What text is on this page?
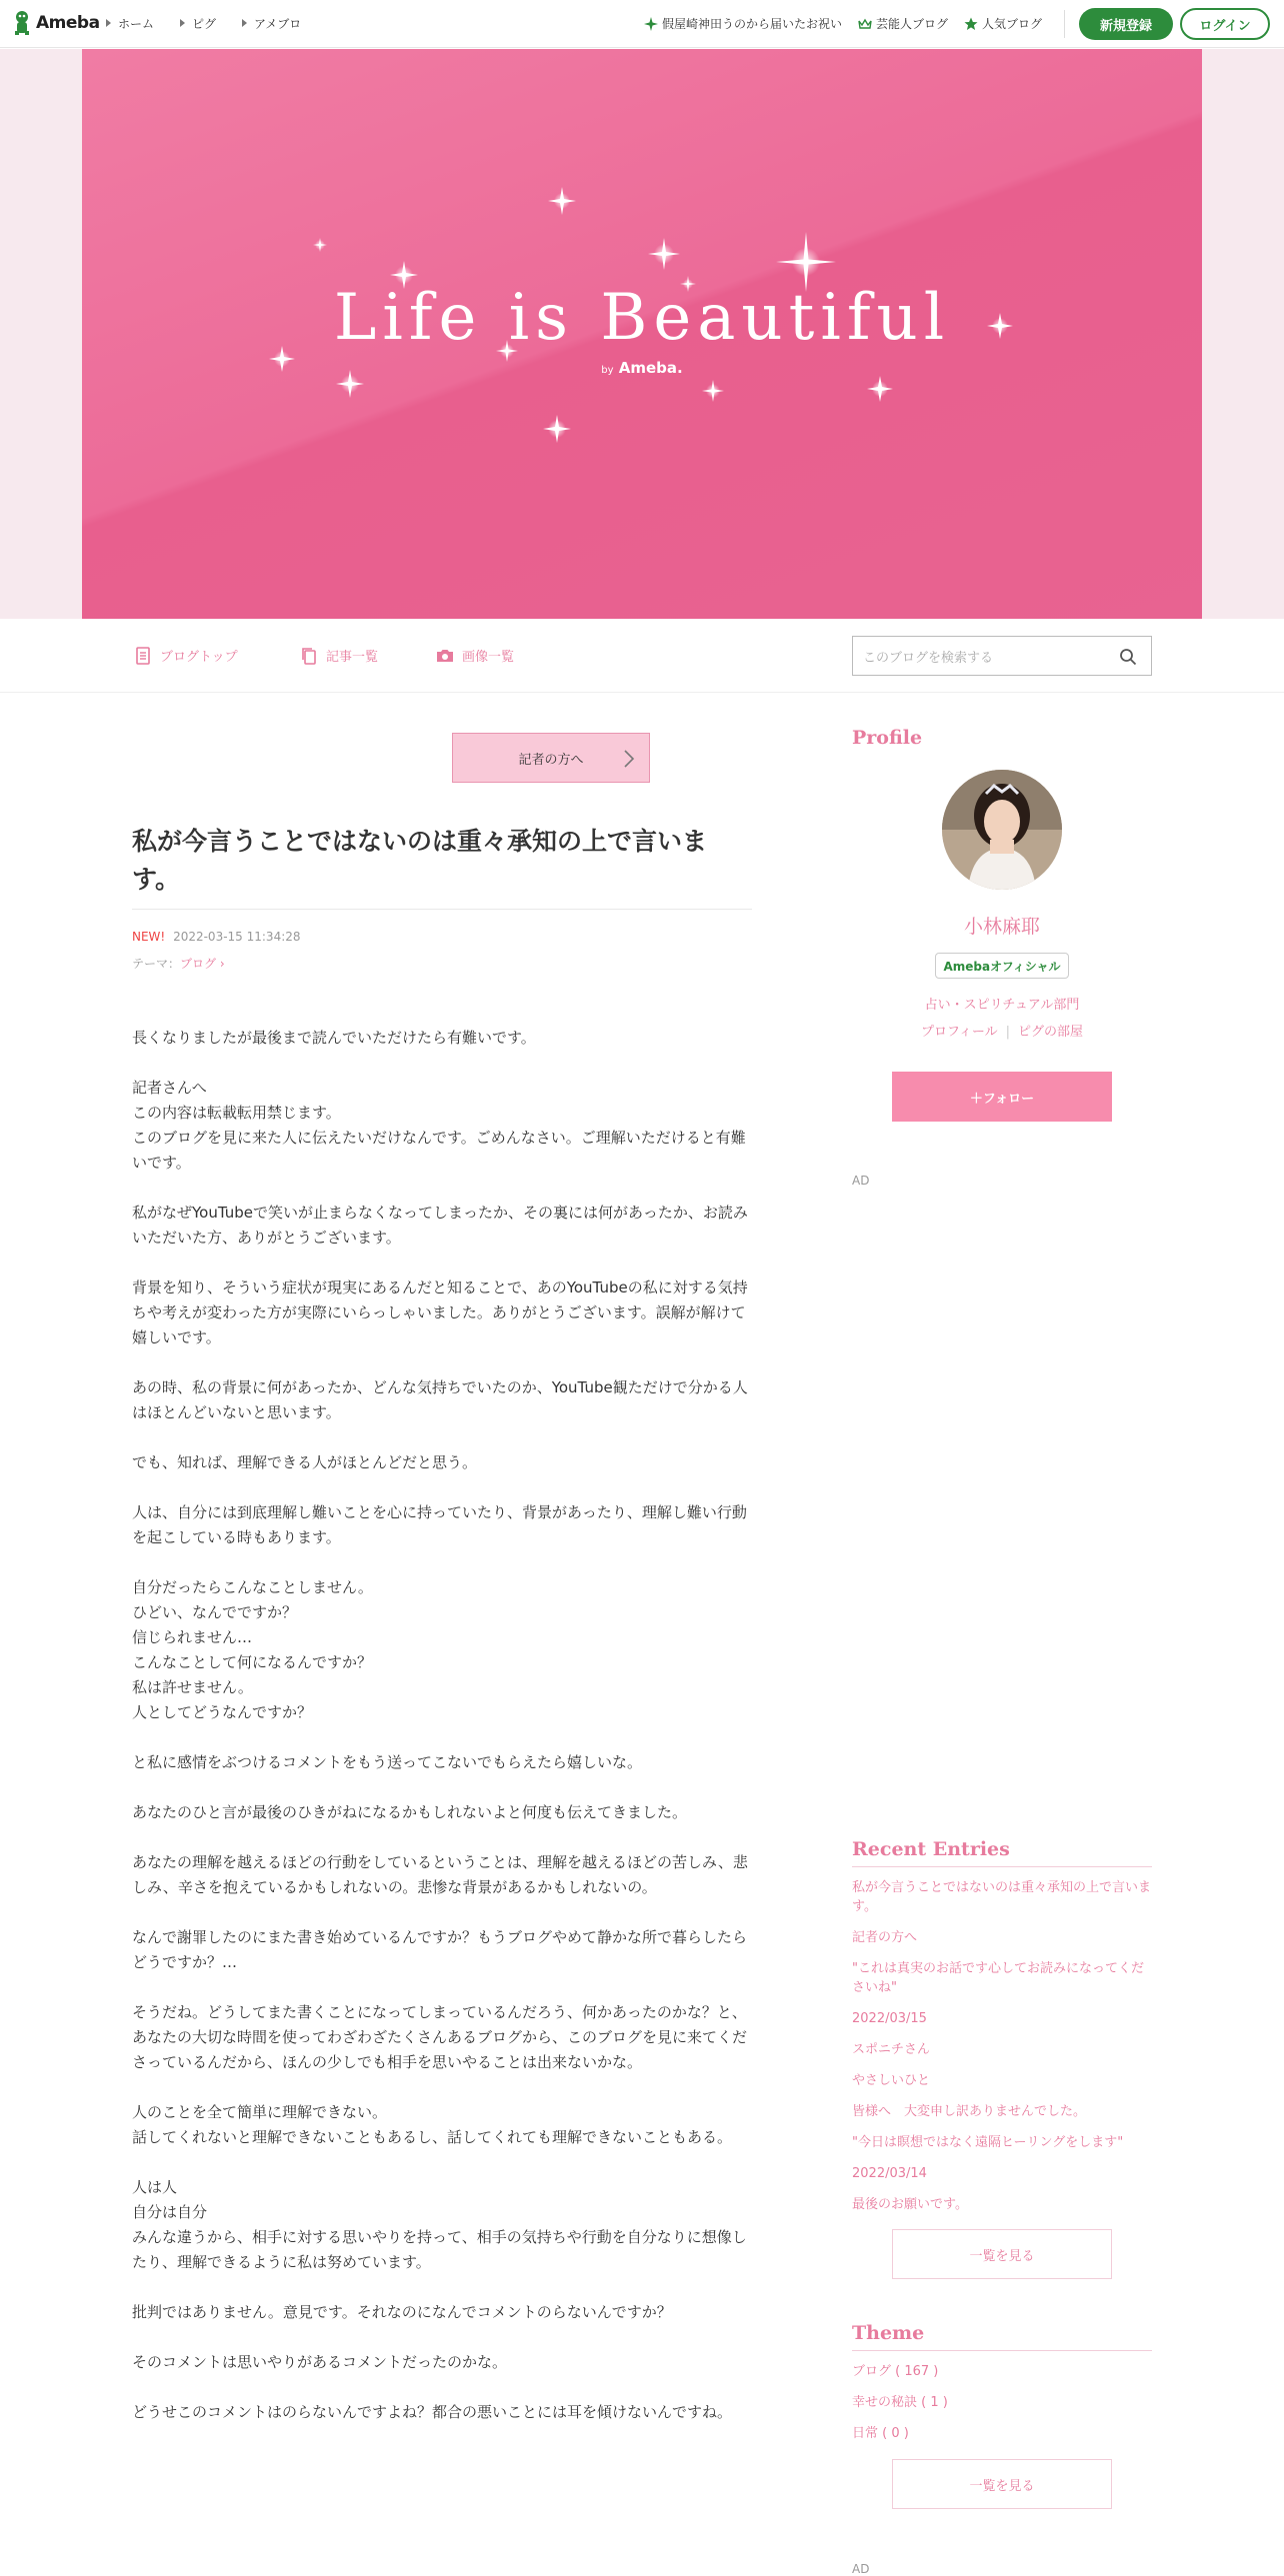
Ameba	ホーム	ピグ	アメブロ	假屋崎神田うのから届いたお祝い	芸能人ブログ	人気ブログ	新規登録	ログイン
Life is Beautiful
by Ameba.
ブログトップ	記事一覧	画像一覧	このブログを検索する
記者の方へ
私が今言うことではないのは重々承知の上で言います。
NEW! 2022-03-15 11:34:28
テーマ：ブログ ›

長くなりましたが最後まで読んでいただけたら有難いです。

記者さんへ
この内容は転載転用禁じます。
このブログを見に来た人に伝えたいだけなんです。ごめんなさい。ご理解いただけると有難いです。

私がなぜYouTubeで笑いが止まらなくなってしまったか、その裏には何があったか、お読みいただいた方、ありがとうございます。

背景を知り、そういう症状が現実にあるんだと知ることで、あのYouTubeの私に対する気持ちや考えが変わった方が実際にいらっしゃいました。ありがとうございます。誤解が解けて嬉しいです。

あの時、私の背景に何があったか、どんな気持ちでいたのか、YouTube観ただけで分かる人はほとんどいないと思います。

でも、知れば、理解できる人がほとんどだと思う。

人は、自分には到底理解し難いことを心に持っていたり、背景があったり、理解し難い行動を起こしている時もあります。

自分だったらこんなことしません。
ひどい、なんでですか？
信じられません…
こんなことして何になるんですか？
私は許せません。
人としてどうなんですか？

と私に感情をぶつけるコメントをもう送ってこないでもらえたら嬉しいな。

あなたのひと言が最後のひきがねになるかもしれないよと何度も伝えてきました。

あなたの理解を越えるほどの行動をしているということは、理解を越えるほどの苦しみ、悲しみ、辛さを抱えているかもしれないの。悲惨な背景があるかもしれないの。

なんで謝罪したのにまた書き始めているんですか？もうブログやめて静かな所で暮らしたらどうですか？…

そうだね。どうしてまた書くことになってしまっているんだろう、何かあったのかな？と、あなたの大切な時間を使ってわざわざたくさんあるブログから、このブログを見に来てくださっているんだから、ほんの少しでも相手を思いやることは出来ないかな。

人のことを全て簡単に理解できない。
話してくれないと理解できないこともあるし、話してくれても理解できないこともある。

人は人
自分は自分
みんな違うから、相手に対する思いやりを持って、相手の気持ちや行動を自分なりに想像したり、理解できるように私は努めています。

批判ではありません。意見です。それなのになんでコメントのらないんですか？

そのコメントは思いやりがあるコメントだったのかな。

どうせこのコメントはのらないんですよね？都合の悪いことには耳を傾けないんですね。

Profile
小林麻耶
Amebaオフィシャル
占い・スピリチュアル部門
プロフィール | ピグの部屋
＋フォロー
AD
Recent Entries
私が今言うことではないのは重々承知の上で言います。
記者の方へ
"これは真実のお話です心してお読みになってくださいね"
2022/03/15
スポニチさん
やさしいひと
皆様へ　大変申し訳ありませんでした。
"今日は瞑想ではなく遠隔ヒーリングをします"
2022/03/14
最後のお願いです。
一覧を見る
Theme
ブログ ( 167 )
幸せの秘訣 ( 1 )
日常 ( 0 )
一覧を見る
AD
